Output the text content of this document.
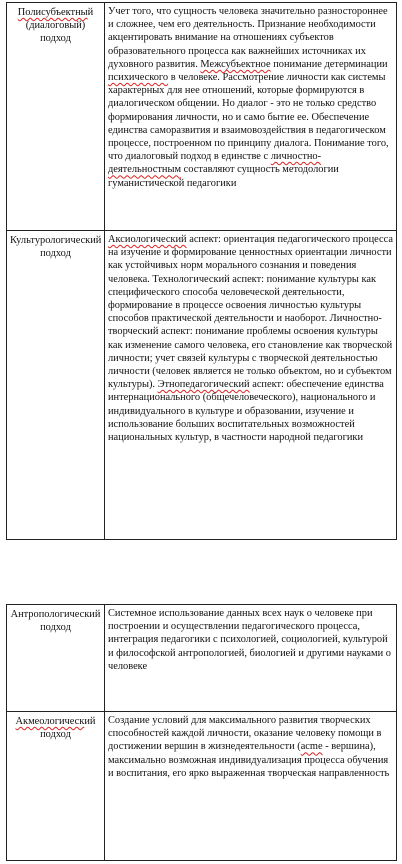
Полисубъектный (диалоговый) подход	Учет того, что сущность человека значительно разностороннее и сложнее, чем его деятельность. Признание необходимости акцентировать внимание на отношениях субъектов образовательного процесса как важнейших источниках их духовного развития. Межсубъектное понимание детерминации психического в человеке. Рассмотрение личности как системы характерных для нее отношений, которые формируются в диалогическом общении. Но диалог - это не только средство формирования личности, но и само бытие ее. Обеспечение единства саморазвития и взаимовоздействия в педагогическом процессе, построенном по принципу диалога. Понимание того, что диалоговый подход в единстве с личностно-деятельностным составляют сущность методологии гуманистической педагогики
Культурологический подход	Аксиологический аспект: ориентация педагогического процесса на изучение и формирование ценностных ориентации личности как устойчивых норм морального сознания и поведения человека. Технологический аспект: понимание культуры как специфического способа человеческой деятельности, формирование в процессе освоения личностью культуры способов практической деятельности и наоборот. Личностно-творческий аспект: понимание проблемы освоения культуры как изменение самого человека, его становление как творческой личности; учет связей культуры с творческой деятельностью личности (человек является не только объектом, но и субъектом культуры). Этнопедагогический аспект: обеспечение единства интернационального (общечеловеческого), национального и индивидуального в культуре и образовании, изучение и использование больших воспитательных возможностей национальных культур, в частности народной педагогики
Антропологический подход	Системное использование данных всех наук о человеке при построении и осуществлении педагогического процесса, интеграция педагогики с психологией, социологией, культурой и философской антропологией, биологией и другими науками о человеке
Акмеологический подход	Создание условий для максимального развития творческих способностей каждой личности, оказание человеку помощи в достижении вершин в жизнедеятельности (acme - вершина), максимально возможная индивидуализация процесса обучения и воспитания, его ярко выраженная творческая направленность
